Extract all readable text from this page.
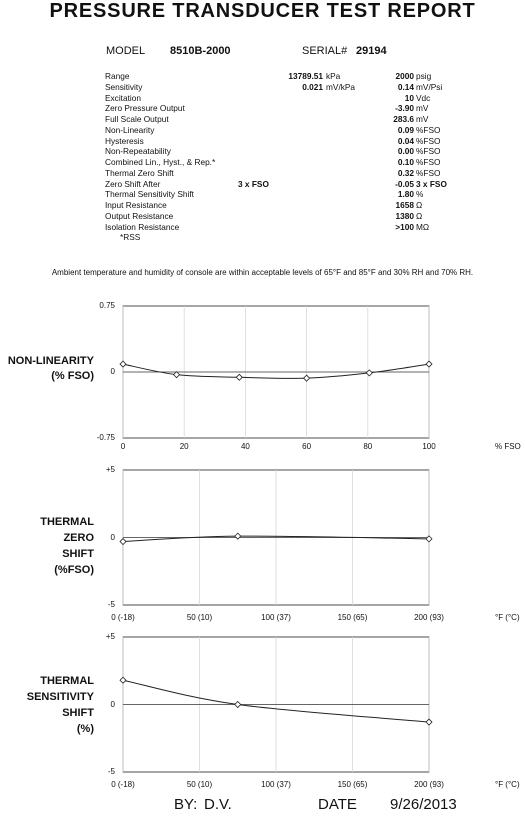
PRESSURE TRANSDUCER TEST REPORT
MODEL 8510B-2000	SERIAL# 29194
Range	13789.51 kPa	2000 psig
Sensitivity	0.021 mV/kPa	0.14 mV/Psi
Excitation	10 Vdc
Zero Pressure Output	-3.90 mV
Full Scale Output	283.6 mV
Non-Linearity	0.09 %FSO
Hysteresis	0.04 %FSO
Non-Repeatability	0.00 %FSO
Combined Lin., Hyst., & Rep.*	0.10 %FSO
Thermal Zero Shift	0.32 %FSO
Zero Shift After	3 x FSO	-0.05 3 x FSO
Thermal Sensitivity Shift	1.80 %
Input Resistance	1658 Ω
Output Resistance	1380 Ω
Isolation Resistance	>100 MΩ
*RSS
Ambient temperature and humidity of console are within acceptable levels of 65°F and 85°F and 30% RH and 70% RH.
0.75
0
-0.75
0	20	40	60	80	100	% FSO
NON-LINEARITY
(% FSO)
+5
0
-5
0 (-18)	50 (10)	100 (37)	150 (65)	200 (93)	°F (°C)
THERMAL
ZERO
SHIFT
(%FSO)
+5
0
-5
0 (-18)	50 (10)	100 (37)	150 (65)	200 (93)	°F (°C)
THERMAL
SENSITIVITY
SHIFT
(%)
BY: D.V.	DATE 9/26/2013
